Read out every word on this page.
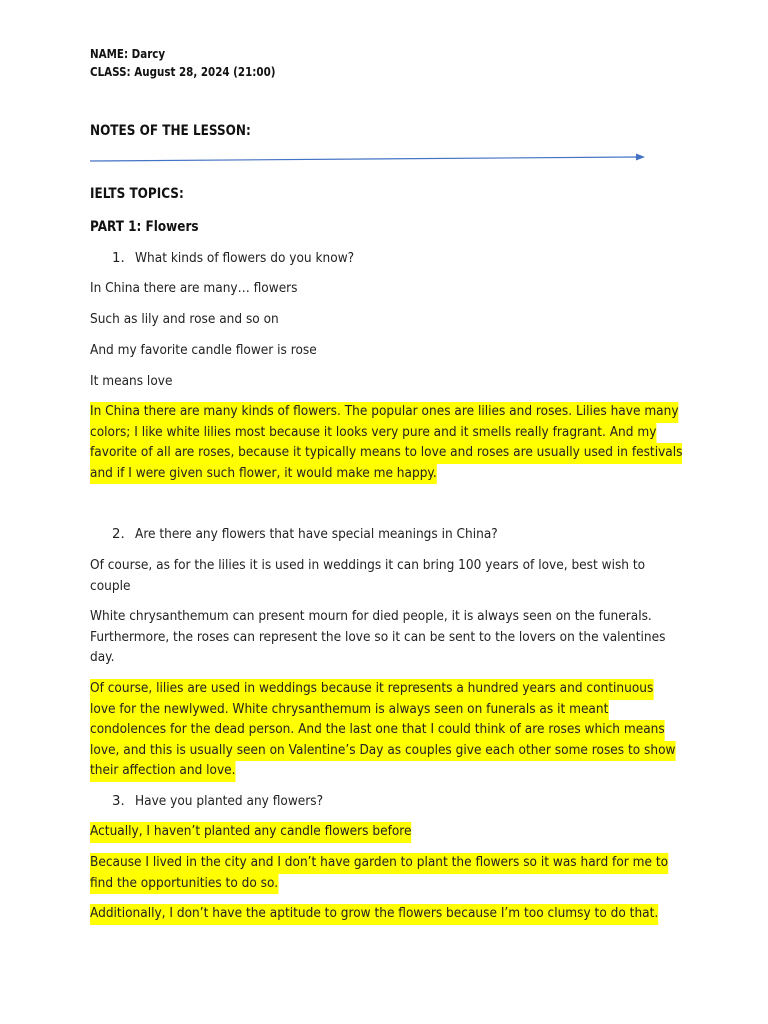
NAME: Darcy
CLASS: August 28, 2024 (21:00)
NOTES OF THE LESSON:
IELTS TOPICS:
PART 1: Flowers
1. What kinds of flowers do you know?
In China there are many… flowers
Such as lily and rose and so on
And my favorite candle flower is rose
It means love
In China there are many kinds of flowers. The popular ones are lilies and roses. Lilies have many
colors; I like white lilies most because it looks very pure and it smells really fragrant. And my
favorite of all are roses, because it typically means to love and roses are usually used in festivals
and if I were given such flower, it would make me happy.
2. Are there any flowers that have special meanings in China?
Of course, as for the lilies it is used in weddings it can bring 100 years of love, best wish to
couple
White chrysanthemum can present mourn for died people, it is always seen on the funerals.
Furthermore, the roses can represent the love so it can be sent to the lovers on the valentines
day.
Of course, lilies are used in weddings because it represents a hundred years and continuous
love for the newlywed. White chrysanthemum is always seen on funerals as it meant
condolences for the dead person. And the last one that I could think of are roses which means
love, and this is usually seen on Valentine’s Day as couples give each other some roses to show
their affection and love.
3. Have you planted any flowers?
Actually, I haven’t planted any candle flowers before
Because I lived in the city and I don’t have garden to plant the flowers so it was hard for me to
find the opportunities to do so.
Additionally, I don’t have the aptitude to grow the flowers because I’m too clumsy to do that.
